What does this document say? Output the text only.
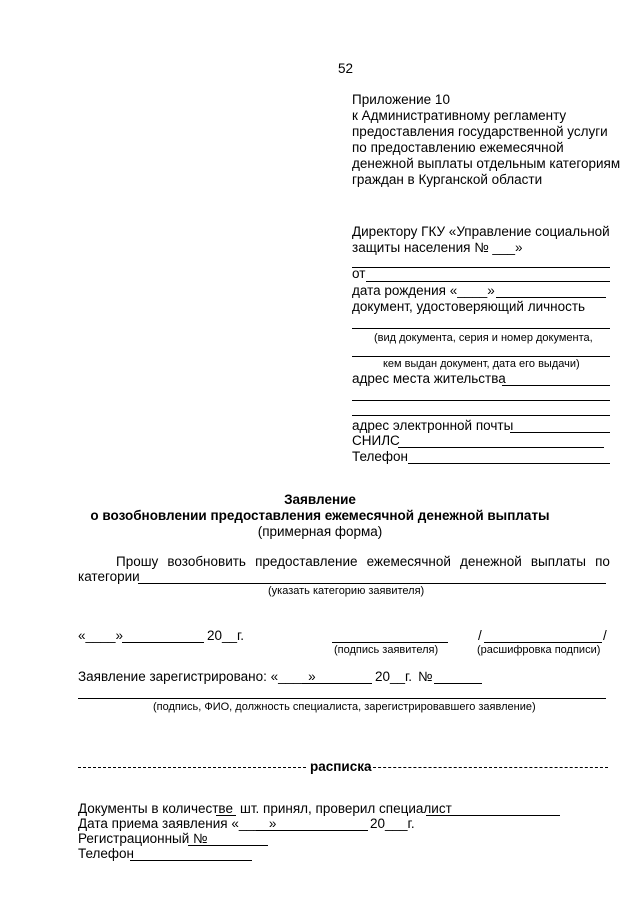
52
Приложение 10
к Административному регламенту
предоставления государственной услуги
по предоставлению ежемесячной
денежной выплаты отдельным категориям
граждан в Курганской области
Директору ГКУ «Управление социальной
защиты населения № ___»
от
дата рождения «____»
документ, удостоверяющий личность
(вид документа, серия и номер документа,
кем выдан документ, дата его выдачи)
адрес места жительства
адрес электронной почты
СНИЛС
Телефон
Заявление
о возобновлении предоставления ежемесячной денежной выплаты
(примерная форма)
Прошу возобновить предоставление ежемесячной денежной выплаты по
категории
(указать категорию заявителя)
«____»	20__г.
(подпись заявителя)
/	/
(расшифровка подписи)
Заявление зарегистрировано: «____»	20__г. №
(подпись, ФИО, должность специалиста, зарегистрировавшего заявление)
расписка
Документы в количестве шт. принял, проверил специалист
Дата приема заявления «____»	20___г.
Регистрационный №
Телефон
